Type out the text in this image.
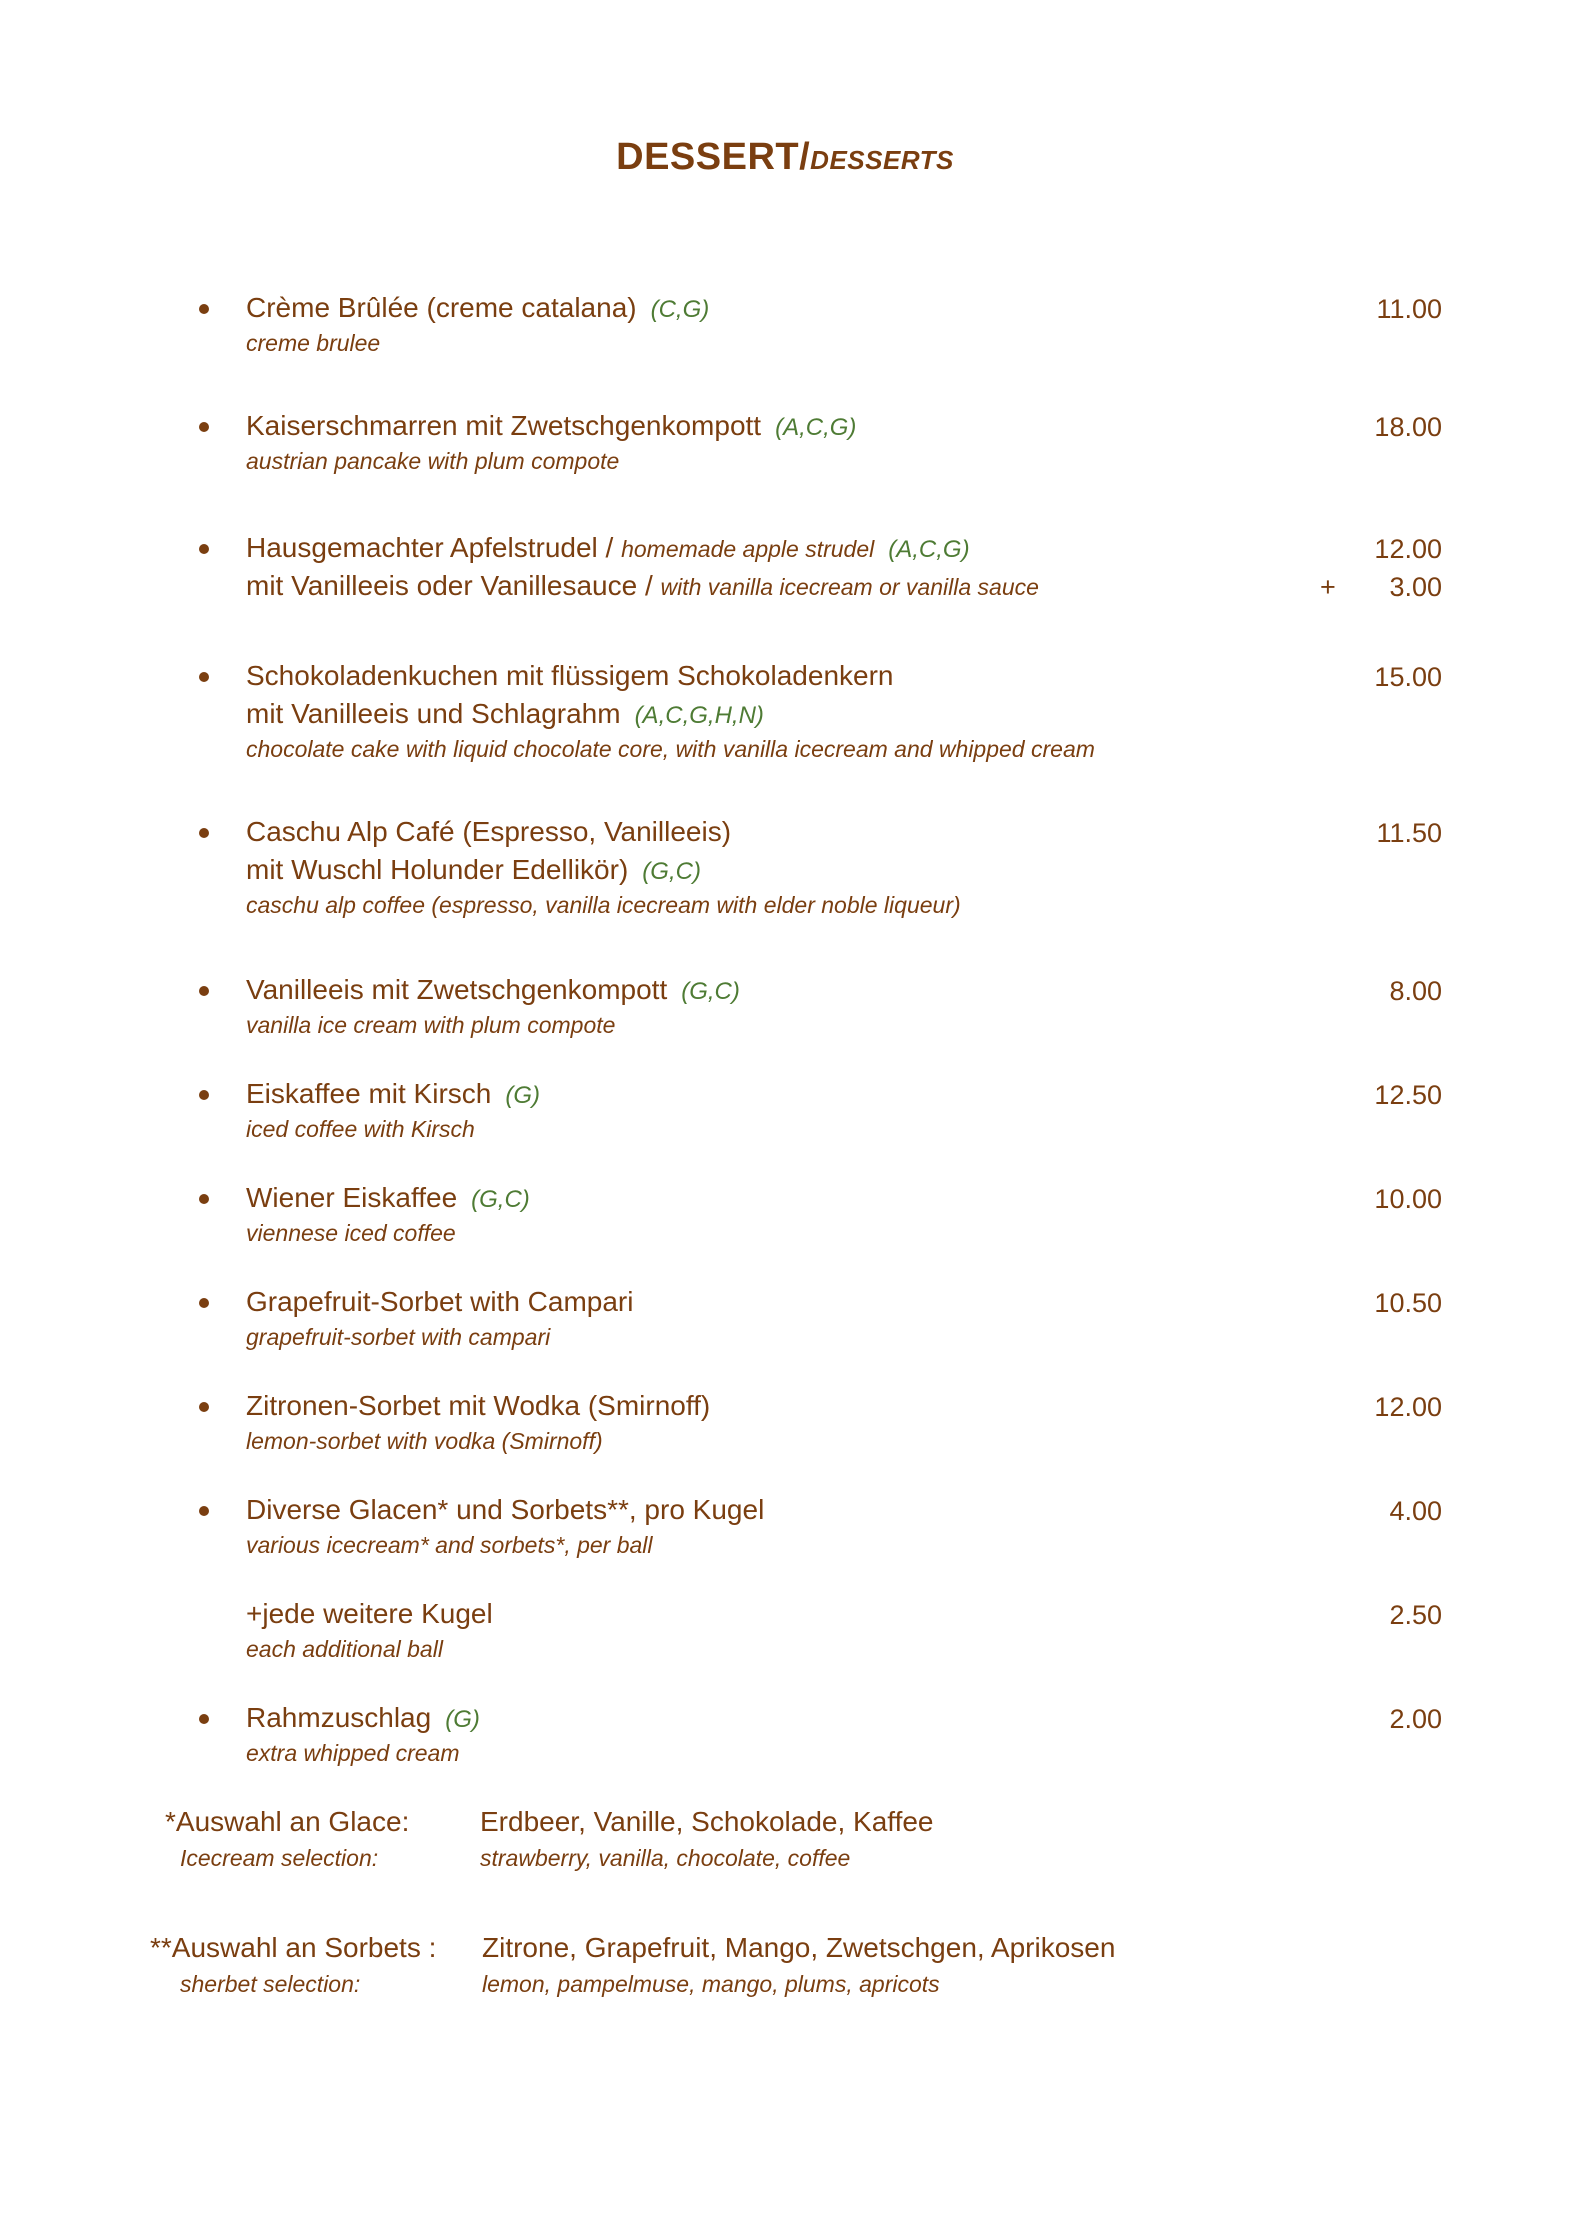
DESSERT/DESSERTS
Crème Brûlée (creme catalana) (C,G)
creme brulee
11.00
Kaiserschmarren mit Zwetschgenkompott (A,C,G)
austrian pancake with plum compote
18.00
Hausgemachter Apfelstrudel / homemade apple strudel (A,C,G)	12.00
mit Vanilleeis oder Vanillesauce / with vanilla icecream or vanilla sauce	+ 3.00
Schokoladenkuchen mit flüssigem Schokoladenkern
mit Vanilleeis und Schlagrahm (A,C,G,H,N)
chocolate cake with liquid chocolate core, with vanilla icecream and whipped cream
15.00
Caschu Alp Café (Espresso, Vanilleeis)
mit Wuschl Holunder Edellikör) (G,C)
caschu alp coffee (espresso, vanilla icecream with elder noble liqueur)
11.50
Vanilleeis mit Zwetschgenkompott (G,C)
vanilla ice cream with plum compote
8.00
Eiskaffee mit Kirsch (G)
iced coffee with Kirsch
12.50
Wiener Eiskaffee (G,C)
viennese iced coffee
10.00
Grapefruit-Sorbet with Campari
grapefruit-sorbet with campari
10.50
Zitronen-Sorbet mit Wodka (Smirnoff)
lemon-sorbet with vodka (Smirnoff)
12.00
Diverse Glacen* und Sorbets**, pro Kugel
various icecream* and sorbets*, per ball
4.00
+jede weitere Kugel
each additional ball
2.50
Rahmzuschlag (G)
extra whipped cream
2.00
*Auswahl an Glace:	Erdbeer, Vanille, Schokolade, Kaffee
Icecream selection:	strawberry, vanilla, chocolate, coffee
**Auswahl an Sorbets : Zitrone, Grapefruit, Mango, Zwetschgen, Aprikosen
sherbet selection:	lemon, pampelmuse, mango, plums, apricots
